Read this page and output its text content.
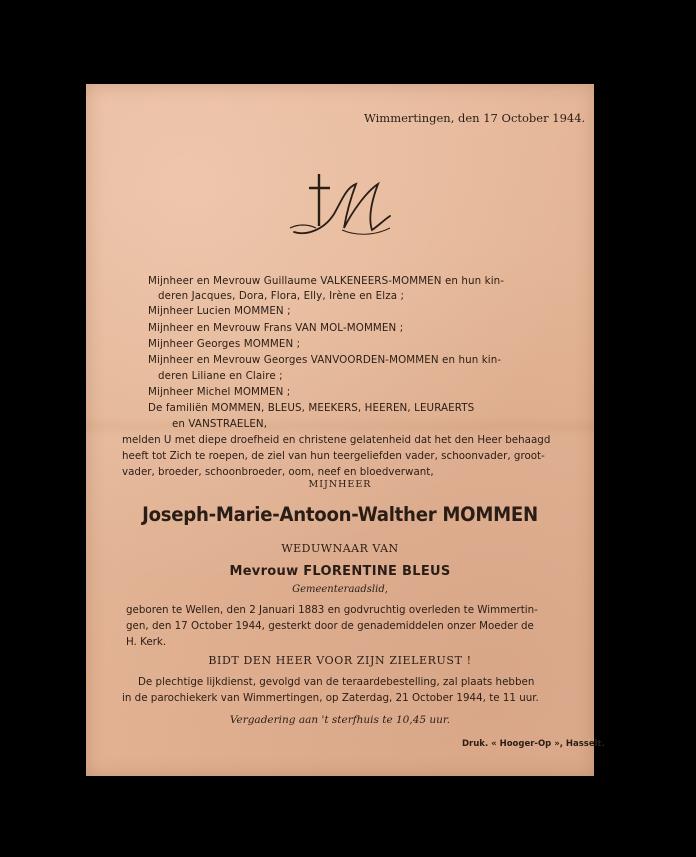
Wimmertingen, den 17 October 1944.
M
Mijnheer en Mevrouw Guillaume VALKENEERS-MOMMEN en hun kin-
deren Jacques, Dora, Flora, Elly, Irène en Elza ;
Mijnheer Lucien MOMMEN ;
Mijnheer en Mevrouw Frans VAN MOL-MOMMEN ;
Mijnheer Georges MOMMEN ;
Mijnheer en Mevrouw Georges VANVOORDEN-MOMMEN en hun kin-
deren Liliane en Claire ;
Mijnheer Michel MOMMEN ;
De familiën MOMMEN, BLEUS, MEEKERS, HEEREN, LEURAERTS
en VANSTRAELEN,
melden U met diepe droefheid en christene gelatenheid dat het den Heer behaagd
heeft tot Zich te roepen, de ziel van hun teergeliefden vader, schoonvader, groot-
vader, broeder, schoonbroeder, oom, neef en bloedverwant,
MIJNHEER
Joseph-Marie-Antoon-Walther MOMMEN
WEDUWNAAR VAN
Mevrouw FLORENTINE BLEUS
Gemeenteraadslid,
geboren te Wellen, den 2 Januari 1883 en godvruchtig overleden te Wimmertin-
gen, den 17 October 1944, gesterkt door de genademiddelen onzer Moeder de
H. Kerk.
BIDT DEN HEER VOOR ZIJN ZIELERUST !
De plechtige lijkdienst, gevolgd van de teraardebestelling, zal plaats hebben
in de parochiekerk van Wimmertingen, op Zaterdag, 21 October 1944, te 11 uur.
Vergadering aan 't sterfhuis te 10,45 uur.
Druk. « Hooger-Op », Hasselt.
